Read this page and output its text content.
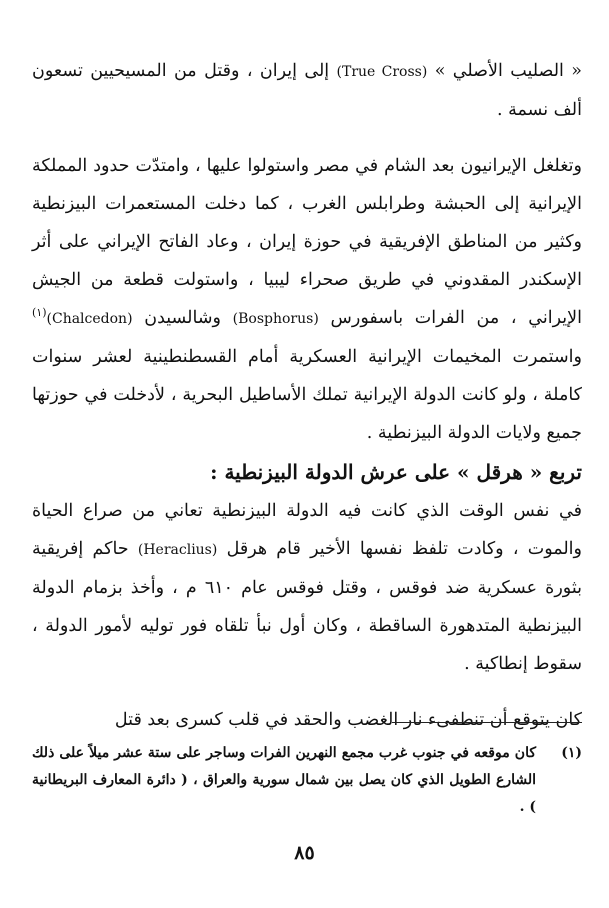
« الصليب الأصلي » (True Cross) إلى إيران ، وقتل من المسيحيين تسعون ألف نسمة .

وتغلغل الإيرانيون بعد الشام في مصر واستولوا عليها ، وامتدّت حدود المملكة الإيرانية إلى الحبشة وطرابلس الغرب ، كما دخلت المستعمرات البيزنطية وكثير من المناطق الإفريقية في حوزة إيران ، وعاد الفاتح الإيراني على أثر الإسكندر المقدوني في طريق صحراء ليبيا ، واستولت قطعة من الجيش الإيراني ، من الفرات باسفورس (Bosphorus) وشالسيدن (Chalcedon)$^{(١)}$ واستمرت المخيمات الإيرانية العسكرية أمام القسطنطينية لعشر سنوات كاملة ، ولو كانت الدولة الإيرانية تملك الأساطيل البحرية ، لأدخلت في حوزتها جميع ولايات الدولة البيزنطية .

تربع « هرقل » على عرش الدولة البيزنطية :

في نفس الوقت الذي كانت فيه الدولة البيزنطية تعاني من صراع الحياة والموت ، وكادت تلفظ نفسها الأخير قام هرقل (Heraclius) حاكم إفريقية بثورة عسكرية ضد فوقس ، وقتل فوقس عام ٦١٠ م ، وأخذ بزمام الدولة البيزنطية المتدهورة الساقطة ، وكان أول نبأ تلقاه فور توليه لأمور الدولة ، سقوط إنطاكية .

كان يتوقع أن تنطفىء نار الغضب والحقد في قلب كسرى بعد قتل

(١)
كان موقعه في جنوب غرب مجمع النهرين الفرات وساجر على ستة عشر ميلاً على ذلك الشارع الطويل الذي كان يصل بين شمال سورية والعراق ، ( دائرة المعارف البريطانية ) .
٨٥
